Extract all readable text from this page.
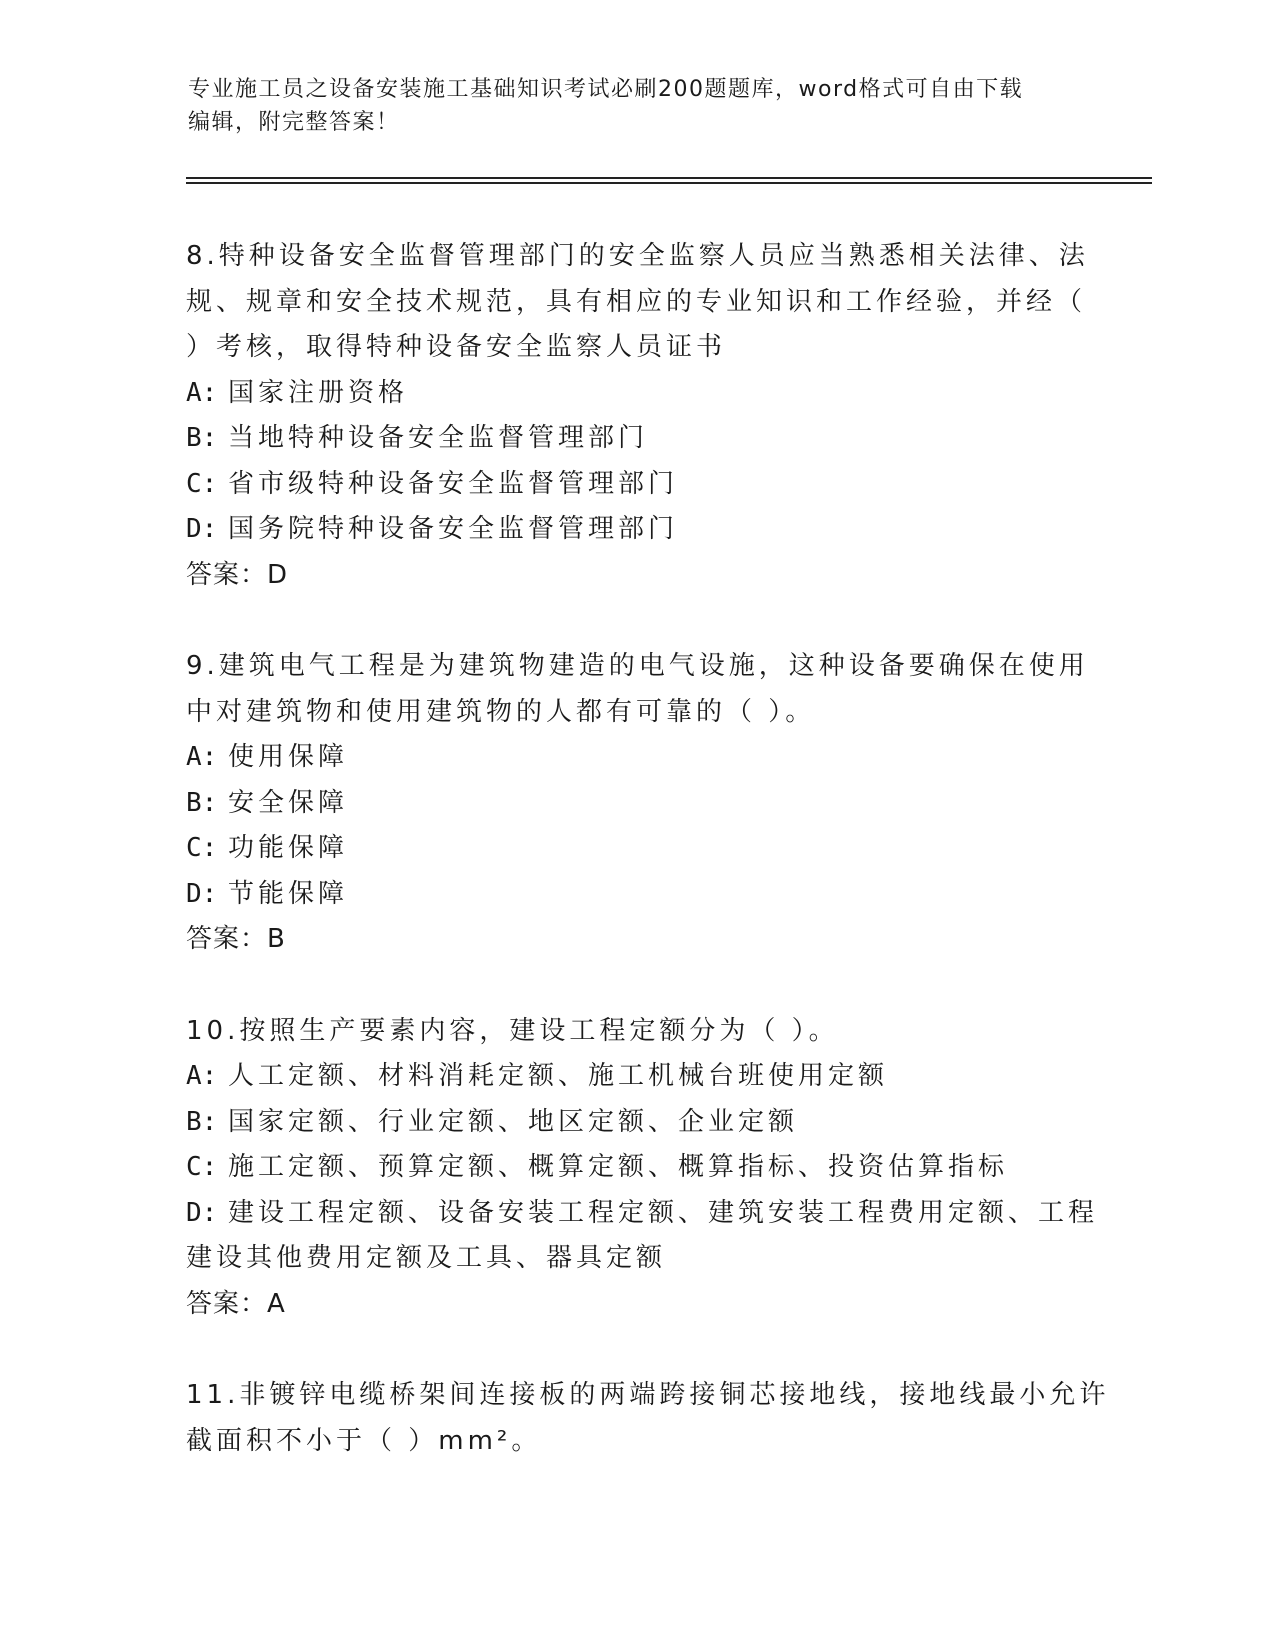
专业施工员之设备安装施工基础知识考试必刷200题题库，word格式可自由下载
编辑，附完整答案！
8.特种设备安全监督管理部门的安全监察人员应当熟悉相关法律、法
规、规章和安全技术规范，具有相应的专业知识和工作经验，并经（
）考核，取得特种设备安全监察人员证书
A: 国家注册资格
B: 当地特种设备安全监督管理部门
C: 省市级特种设备安全监督管理部门
D: 国务院特种设备安全监督管理部门
答案：D
9.建筑电气工程是为建筑物建造的电气设施，这种设备要确保在使用
中对建筑物和使用建筑物的人都有可靠的（ ）。
A: 使用保障
B: 安全保障
C: 功能保障
D: 节能保障
答案：B
10.按照生产要素内容，建设工程定额分为（ ）。
A: 人工定额、材料消耗定额、施工机械台班使用定额
B: 国家定额、行业定额、地区定额、企业定额
C: 施工定额、预算定额、概算定额、概算指标、投资估算指标
D: 建设工程定额、设备安装工程定额、建筑安装工程费用定额、工程
建设其他费用定额及工具、器具定额
答案：A
11.非镀锌电缆桥架间连接板的两端跨接铜芯接地线，接地线最小允许
截面积不小于（ ）mm²。
